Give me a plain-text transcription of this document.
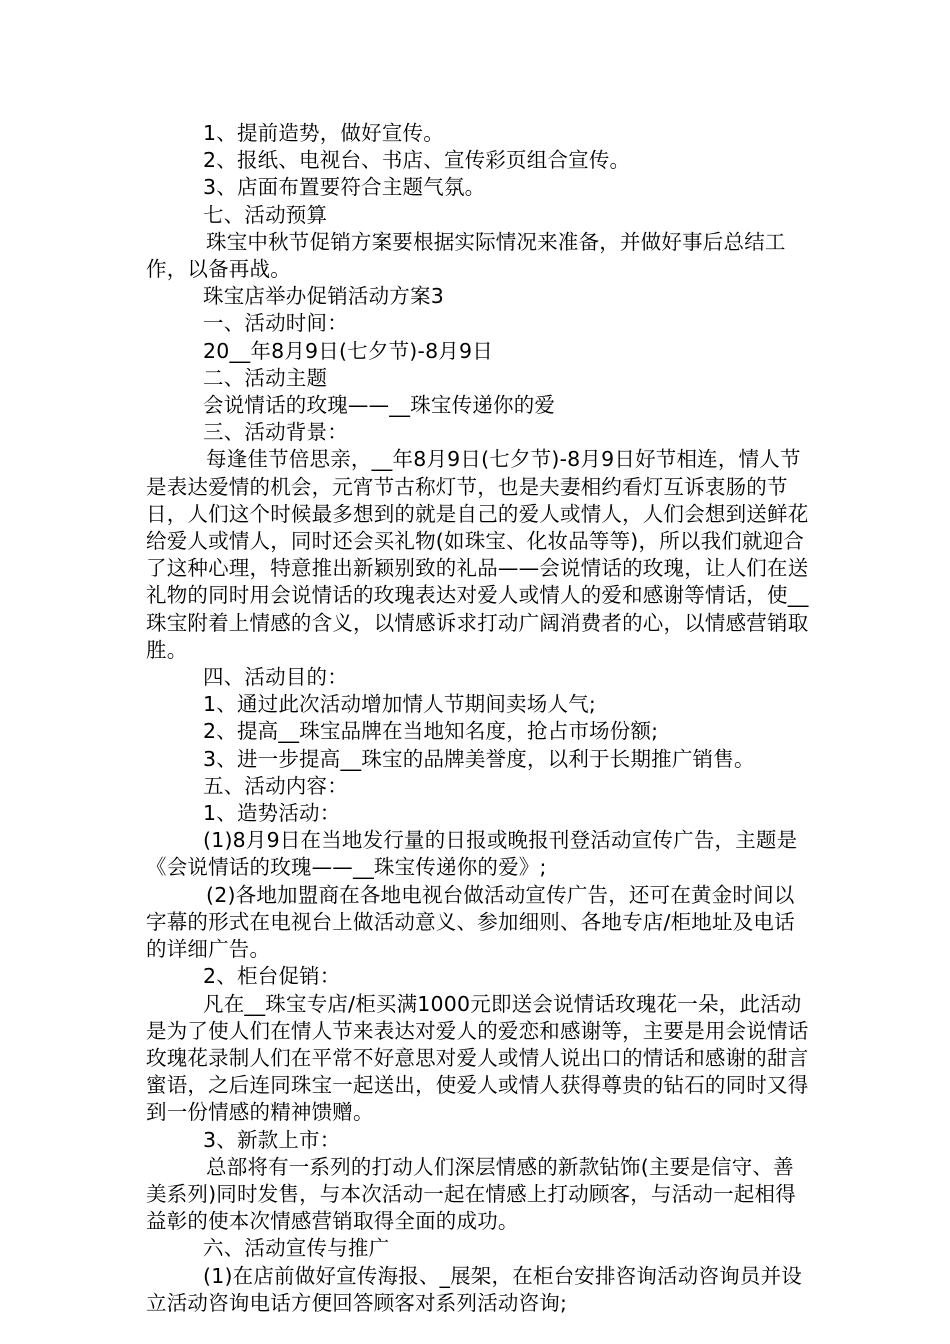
1、提前造势，做好宣传。

2、报纸、电视台、书店、宣传彩页组合宣传。

3、店面布置要符合主题气氛。

七、活动预算

珠宝中秋节促销方案要根据实际情况来准备，并做好事后总结工作，以备再战。

珠宝店举办促销活动方案3

一、活动时间：

20__年8月9日(七夕节)-8月9日

二、活动主题

会说情话的玫瑰——__珠宝传递你的爱

三、活动背景：

每逢佳节倍思亲，__年8月9日(七夕节)-8月9日好节相连，情人节是表达爱情的机会，元宵节古称灯节，也是夫妻相约看灯互诉衷肠的节日，人们这个时候最多想到的就是自己的爱人或情人，人们会想到送鲜花给爱人或情人，同时还会买礼物(如珠宝、化妆品等等)，所以我们就迎合了这种心理，特意推出新颖别致的礼品——会说情话的玫瑰，让人们在送礼物的同时用会说情话的玫瑰表达对爱人或情人的爱和感谢等情话，使__珠宝附着上情感的含义，以情感诉求打动广阔消费者的心，以情感营销取胜。

四、活动目的：

1、通过此次活动增加情人节期间卖场人气;

2、提高__珠宝品牌在当地知名度，抢占市场份额;

3、进一步提高__珠宝的品牌美誉度，以利于长期推广销售。

五、活动内容：

1、造势活动：

(1)8月9日在当地发行量的日报或晚报刊登活动宣传广告，主题是《会说情话的玫瑰——__珠宝传递你的爱》;

(2)各地加盟商在各地电视台做活动宣传广告，还可在黄金时间以字幕的形式在电视台上做活动意义、参加细则、各地专店/柜地址及电话的详细广告。

2、柜台促销：

凡在__珠宝专店/柜买满1000元即送会说情话玫瑰花一朵，此活动是为了使人们在情人节来表达对爱人的爱恋和感谢等，主要是用会说情话玫瑰花录制人们在平常不好意思对爱人或情人说出口的情话和感谢的甜言蜜语，之后连同珠宝一起送出，使爱人或情人获得尊贵的钻石的同时又得到一份情感的精神馈赠。

3、新款上市：

总部将有一系列的打动人们深层情感的新款钻饰(主要是信守、善美系列)同时发售，与本次活动一起在情感上打动顾客，与活动一起相得益彰的使本次情感营销取得全面的成功。

六、活动宣传与推广

(1)在店前做好宣传海报、_展架，在柜台安排咨询活动咨询员并设立活动咨询电话方便回答顾客对系列活动咨询;
